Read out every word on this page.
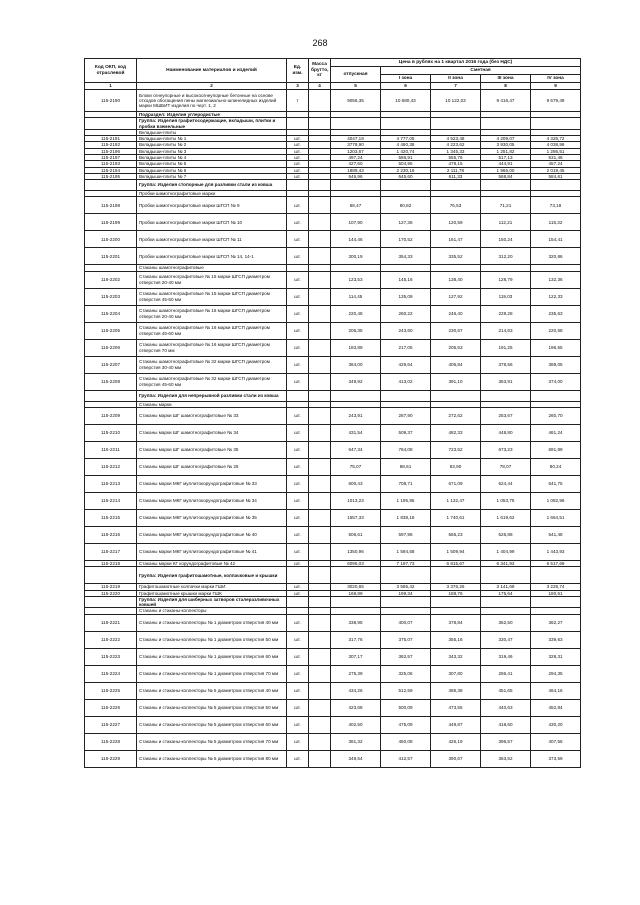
268
Код ОКП, код отраслевой	Наименование материалов и изделий	Ед. изм.	Масса брутто, кг	Цена в рублях на 1 квартал 2016 года (без НДС)				
				отпускная	Сметная			
					I зона	II зона	III зона	IV зона
1	2	3	4	5	6	7	8	9
115-2190	Блоки огнеупорные и высокоогнеупорные бетонные на основе отходов обогащения пены магнезиально-шпинелидных изделий марки МШБИТ изделия по черт. 1, 2	т		9056,35	10 680,43	10 122,03	9 416,47	9 679,49
	Подраздел: Изделия углеродистые							
	Группа: Изделия графитосодержащие, вкладыши, плитки и пробки вземельные							
	Вкладыши-плиты							
115-2191	Вкладыши-плиты № 1	шт.		4047,19	4 777,05	4 523,48	4 209,07	4 326,72
115-2192	Вкладыши-плиты № 2	шт.		3778,90	4 460,38	4 223,62	3 930,05	4 038,96
115-2196	Вкладыши-плиты № 3	шт.		1203,67	1 420,74	1 345,33	1 251,82	1 286,51
115-2197	Вкладыши-плиты № 4	шт.		497,24	586,91	555,76	517,13	531,46
115-2193	Вкладыши-плиты № 5	шт.		427,60	504,95	478,15	444,91	457,24
115-2194	Вкладыши-плиты № 6	шт.		1889,43	2 230,16	2 111,78	1 965,00	2 019,45
115-2195	Вкладыши-плиты № 7	шт.		546,96	645,60	611,33	568,84	584,61
	Группа: Изделия стопорные для разливки стали из ковша							
	Пробки шамотнографитовые марки							
115-2198	Пробки шамотнографитовые марки ШГСП № 9	шт.		68,47	80,82	76,53	71,21	73,18
115-2199	Пробки шамотнографитовые марки ШГСП № 10	шт.		107,90	127,36	120,59	112,21	115,32
115-2200	Пробки шамотнографитовые марки ШГСП № 11	шт.		144,46	170,52	161,47	150,24	154,41
115-2201	Пробки шамотнографитовые марки ШГСП № 14, 14-1	шт.		300,19	354,33	335,52	312,20	320,86
	Стаканы шамотнографитовые							
116-2202	Стаканы шамотнографитовые № 15 марки ШГСП диаметром отверстия 20-40 мм	шт.		123,53	145,16	138,40	128,79	132,36
115-2203	Стаканы шамотнографитовые № 15 марки ШГСП диаметром отверстия 45-50 мм	шт.		114,45	135,09	127,92	119,03	122,33
115-2204	Стаканы шамотнографитовые № 16 марки ШГСП диаметром отверстия 20-40 мм	шт.		220,48	260,22	246,40	229,28	235,63
115-2205	Стаканы шамотнографитовые № 16 марки ШГСП диаметром отверстия 45-60 мм	шт.		206,35	243,60	230,67	214,63	220,58
115-2206	Стаканы шамотнографитовые № 16 марки ШГСП диаметром отверстия 70 мм	шт.		183,89	217,05	205,53	191,25	196,55
115-2207	Стаканы шамотнографитовые № 32 марки ШГСП диаметром отверстия 30-40 мм	шт.		364,00	429,64	406,84	378,56	389,05
115-2208	Стаканы шамотнографитовые № 32 марки ШГСП диаметром отверстия 45-60 мм	шт.		349,92	413,02	391,10	363,91	374,00
	Группа: Изделия для непрерывной разливки стали из ковша							
	Стаканы марки							
115-2209	Стаканы марки ШГ шамотнографитовые № 33	шт.		243,91	287,90	272,62	253,67	260,70
115-2210	Стаканы марки ШГ шамотнографитовые № 34	шт.		431,54	509,37	482,33	448,80	461,24
115-2211	Стаканы марки ШГ шамотнографитовые № 35	шт.		647,34	764,08	723,52	673,23	691,89
115-2212	Стаканы марки ШГ шамотнографитовые № 26	шт.		75,07	88,61	83,90	78,07	80,24
115-2213	Стаканы марки МКГ муллитокорундографитовые № 33	шт.		600,43	708,71	671,09	624,44	641,75
115-2214	Стаканы марки МКГ муллитокорундографитовые № 34	шт.		1013,23	1 195,95	1 132,47	1 053,75	1 082,96
115-2215	Стаканы марки МКГ муллитокорундографитовые № 35	шт.		1557,33	1 838,18	1 740,61	1 619,62	1 664,51
115-2216	Стаканы марки МКГ муллитокорундографитовые № 40	шт.		506,61	597,98	566,23	526,88	541,48
115-2217	Стаканы марки МКГ муллитокорундографитовые № 41	шт.		1350,96	1 594,58	1 509,94	1 404,99	1 443,93
115-2218	Стаканы марки КГ корундографитовые № 42	шт.		6096,03	7 197,73	6 815,67	6 341,93	6 517,69
	Группа: Изделия графитошамотные, колпачковые и крышки							
115-2219	Графитошамотные колпачки марки ГШИ	шт.		3020,65	3 565,42	3 376,26	3 141,69	3 228,74
115-2220	Графитошамотные крышки марки ГШК	шт.		168,89	199,34	188,76	175,64	180,51
	Группа: Изделия для шиберных затворов сталеразливочных ковшей							
	Стаканы и стаканы-коллекторы							
115-2221	Стаканы и стаканы-коллекторы № 1 диаметром отверстия 40 мм	шт.		338,95	400,07	378,84	352,50	362,27
115-2222	Стаканы и стаканы-коллекторы № 1 диаметром отверстия 50 мм	шт.		317,76	375,07	355,16	330,47	339,63
115-2223	Стаканы и стаканы-коллекторы № 1 диаметром отверстия 60 мм	шт.		307,17	362,57	343,32	319,46	328,31
115-2224	Стаканы и стаканы-коллекторы № 1 диаметром отверстия 70 мм	шт.		275,39	325,06	307,80	286,41	294,35
115-2225	Стаканы и стаканы-коллекторы № 5 диаметром отверстия 40 мм	шт.		434,26	512,59	485,38	451,65	464,16
115-2226	Стаканы и стаканы-коллекторы № 5 диаметром отверстия 50 мм	шт.		423,68	500,09	473,55	440,63	452,84
115-2227	Стаканы и стаканы-коллекторы № 5 диаметром отверстия 60 мм	шт.		402,50	475,09	449,87	418,60	430,20
115-2228	Стаканы и стаканы-коллекторы № 5 диаметром отверстия 70 мм	шт.		381,32	450,08	426,19	396,57	407,56
115-2229	Стаканы и стаканы-коллекторы № 5 диаметром отверстия 80 мм	шт.		349,54	412,57	390,67	363,52	373,59
